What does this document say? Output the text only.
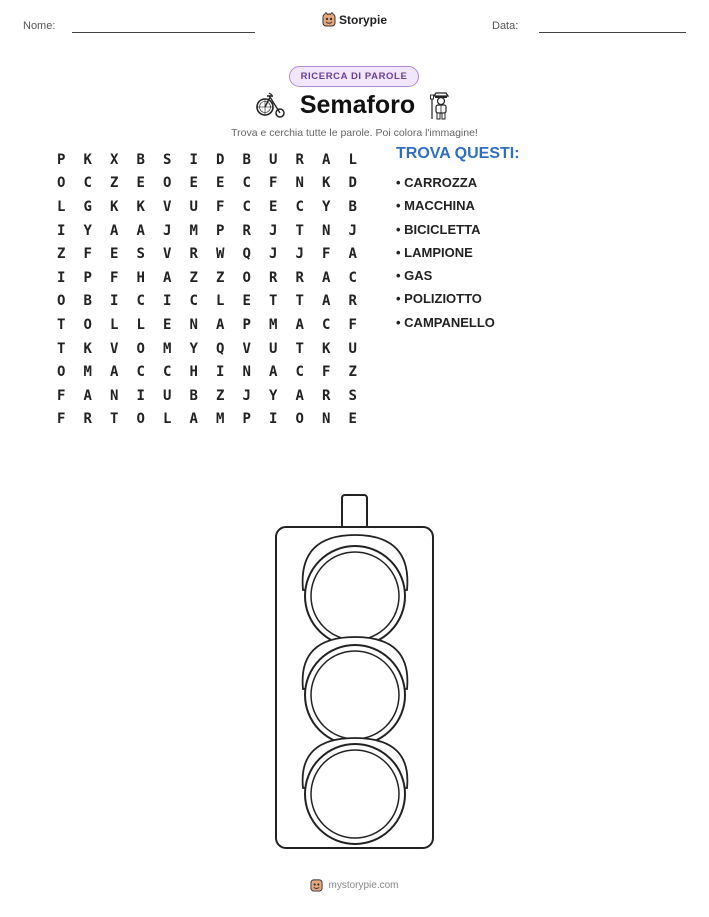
Nome:	Storypie	Data:
RICERCA DI PAROLE
Semaforo
Trova e cerchia tutte le parole. Poi colora l'immagine!
P	K	X	B	S	I	D	B	U	R	A	L
O	C	Z	E	O	E	E	C	F	N	K	D
L	G	K	K	V	U	F	C	E	C	Y	B
I	Y	A	A	J	M	P	R	J	T	N	J
Z	F	E	S	V	R	W	Q	J	J	F	A
I	P	F	H	A	Z	Z	O	R	R	A	C
O	B	I	C	I	C	L	E	T	T	A	R
T	O	L	L	E	N	A	P	M	A	C	F
T	K	V	O	M	Y	Q	V	U	T	K	U
O	M	A	C	C	H	I	N	A	C	F	Z
F	A	N	I	U	B	Z	J	Y	A	R	S
F	R	T	O	L	A	M	P	I	O	N	E
TROVA QUESTI:
• CARROZZA
• MACCHINA
• BICICLETTA
• LAMPIONE
• GAS
• POLIZIOTTO
• CAMPANELLO
mystorypie.com
